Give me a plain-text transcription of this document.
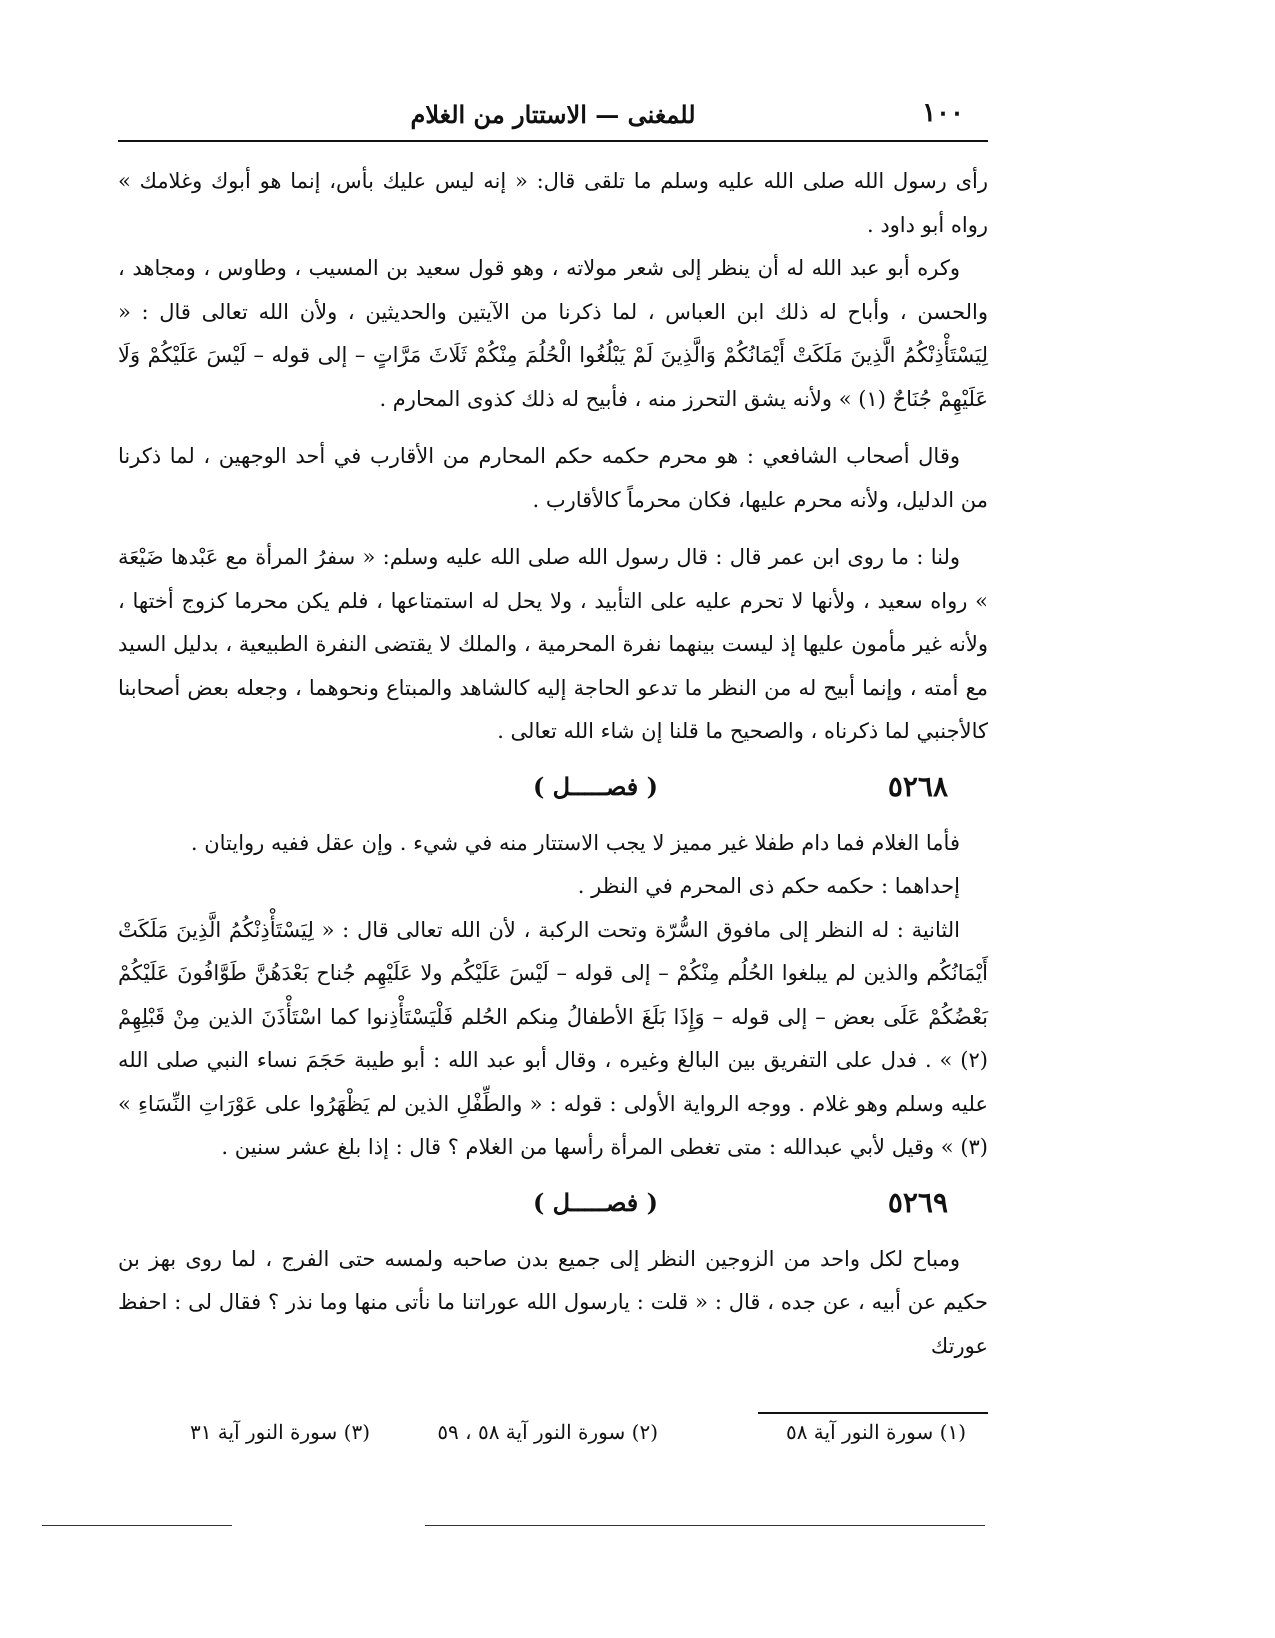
١٠٠
للمغنى — الاستتار من الغلام

رأى رسول الله صلى الله عليه وسلم ما تلقى قال: « إنه ليس عليك بأس، إنما هو أبوك وغلامك » رواه أبو داود .

وكره أبو عبد الله له أن ينظر إلى شعر مولاته ، وهو قول سعيد بن المسيب ، وطاوس ، ومجاهد ، والحسن ، وأباح له ذلك ابن العباس ، لما ذكرنا من الآيتين والحديثين ، ولأن الله تعالى قال : « لِيَسْتَأْذِنْكُمُ الَّذِينَ مَلَكَتْ أَيْمَانُكُمْ وَالَّذِينَ لَمْ يَبْلُغُوا الْحُلُمَ مِنْكُمْ ثَلَاثَ مَرَّاتٍ – إلى قوله – لَيْسَ عَلَيْكُمْ وَلَا عَلَيْهِمْ جُنَاحٌ (١) » ولأنه يشق التحرز منه ، فأبيح له ذلك كذوى المحارم .

وقال أصحاب الشافعي : هو محرم حكمه حكم المحارم من الأقارب في أحد الوجهين ، لما ذكرنا من الدليل، ولأنه محرم عليها، فكان محرماً كالأقارب .

ولنا : ما روى ابن عمر قال : قال رسول الله صلى الله عليه وسلم: « سفرُ المرأة مع عَبْدها ضَيْعَة » رواه سعيد ، ولأنها لا تحرم عليه على التأبيد ، ولا يحل له استمتاعها ، فلم يكن محرما كزوج أختها ، ولأنه غير مأمون عليها إذ ليست بينهما نفرة المحرمية ، والملك لا يقتضى النفرة الطبيعية ، بدليل السيد مع أمته ، وإنما أبيح له من النظر ما تدعو الحاجة إليه كالشاهد والمبتاع ونحوهما ، وجعله بعض أصحابنا كالأجنبي لما ذكرناه ، والصحيح ما قلنا إن شاء الله تعالى .

٥٢٦٨
( فصـــــل )

فأما الغلام فما دام طفلا غير مميز لا يجب الاستتار منه في شيء . وإن عقل ففيه روايتان .

إحداهما : حكمه حكم ذى المحرم في النظر .

الثانية : له النظر إلى مافوق السُّرّة وتحت الركبة ، لأن الله تعالى قال : « لِيَسْتَأْذِنْكُمُ الَّذِينَ مَلَكَتْ أَيْمَانُكُم والذين لم يبلغوا الحُلُم مِنْكُمْ – إلى قوله – لَيْسَ عَلَيْكُم ولا عَلَيْهِم جُناح بَعْدَهُنَّ طَوَّافُونَ عَلَيْكُمْ بَعْضُكُمْ عَلَى بعض – إلى قوله – وَإِذَا بَلَغَ الأطفالُ مِنكم الحُلم فَلْيَسْتَأْذِنوا كما اسْتَأْذَنَ الذين مِنْ قَبْلِهِمْ (٢) » . فدل على التفريق بين البالغ وغيره ، وقال أبو عبد الله : أبو طيبة حَجَمَ نساء النبي صلى الله عليه وسلم وهو غلام . ووجه الرواية الأولى : قوله : « والطِّفْلِ الذين لم يَظْهَرُوا على عَوْرَاتِ النِّسَاءِ » (٣) » وقيل لأبي عبدالله : متى تغطى المرأة رأسها من الغلام ؟ قال : إذا بلغ عشر سنين .

٥٢٦٩
( فصـــــل )

ومباح لكل واحد من الزوجين النظر إلى جميع بدن صاحبه ولمسه حتى الفرج ، لما روى بهز بن حكيم عن أبيه ، عن جده ، قال : « قلت : يارسول الله عوراتنا ما نأتى منها وما نذر ؟ فقال لى : احفظ عورتك

(١) سورة النور آية ٥٨
(٢) سورة النور آية ٥٨ ، ٥٩
(٣) سورة النور آية ٣١
